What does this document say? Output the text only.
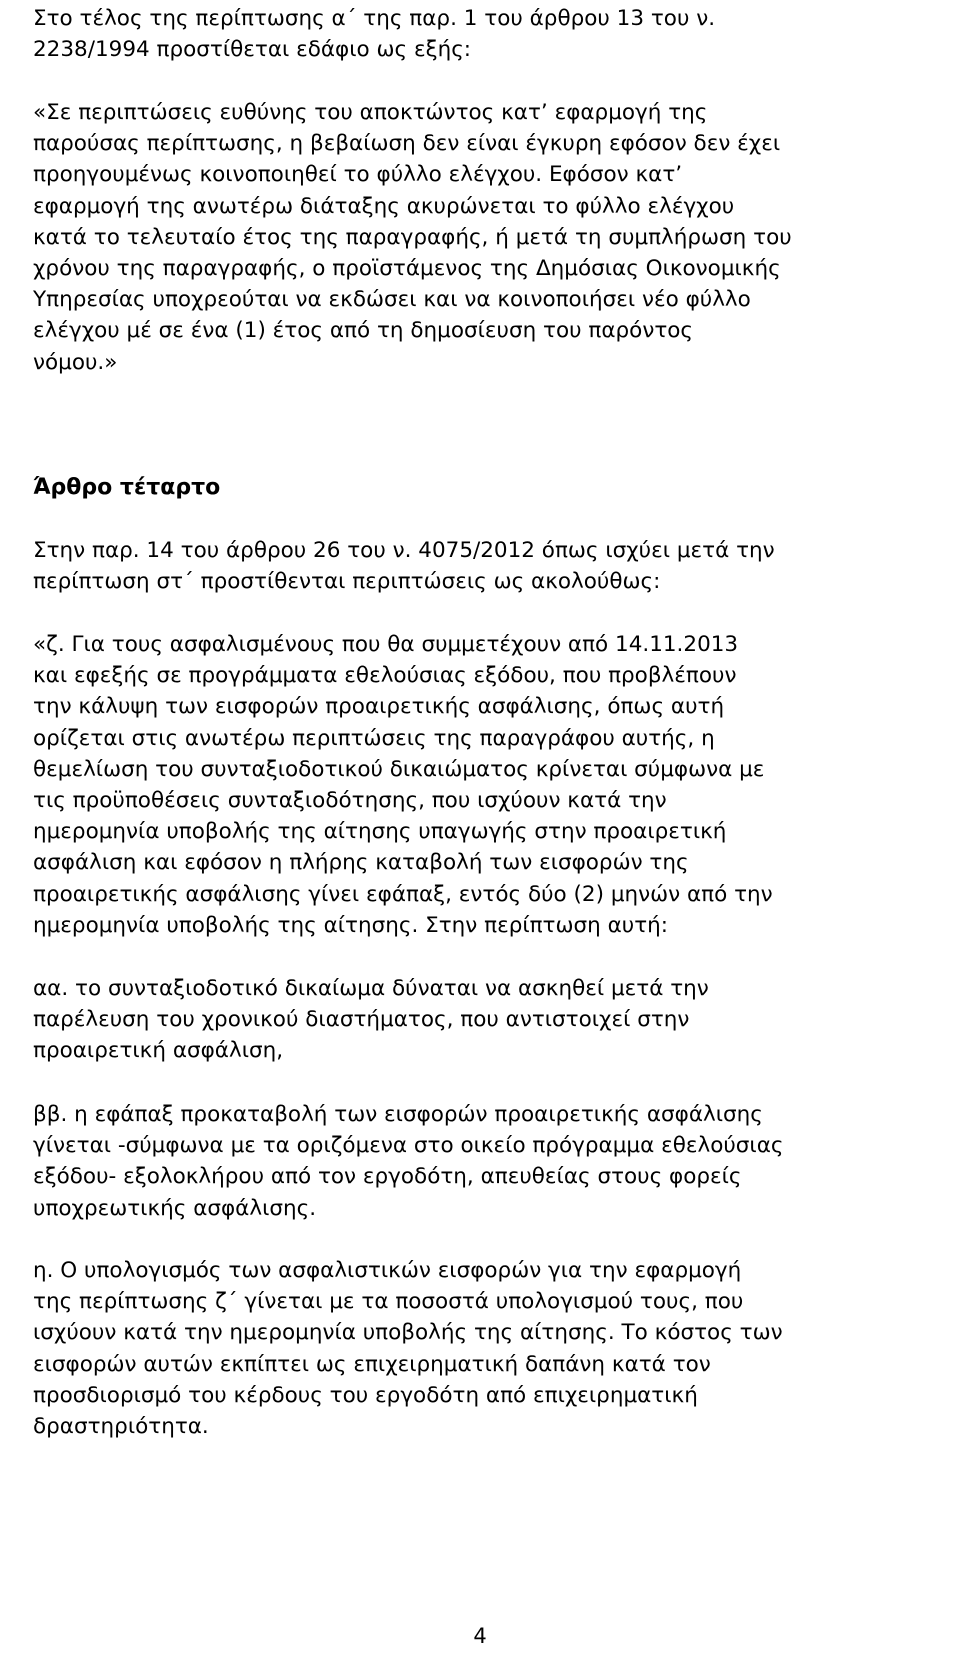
Στο τέλος της περίπτωσης α΄ της παρ. 1 του άρθρου 13 του ν.
2238/1994 προστίθεται εδάφιο ως εξής:

«Σε περιπτώσεις ευθύνης του αποκτώντος κατ’ εφαρμογή της
παρούσας περίπτωσης, η βεβαίωση δεν είναι έγκυρη εφόσον δεν έχει
προηγουμένως κοινοποιηθεί το φύλλο ελέγχου. Εφόσον κατ’
εφαρμογή της ανωτέρω διάταξης ακυρώνεται το φύλλο ελέγχου
κατά το τελευταίο έτος της παραγραφής, ή μετά τη συμπλήρωση του
χρόνου της παραγραφής, ο προϊστάμενος της Δημόσιας Οικονομικής
Υπηρεσίας υποχρεούται να εκδώσει και να κοινοποιήσει νέο φύλλο
ελέγχου μέ σε ένα (1) έτος από τη δημοσίευση του παρόντος
νόμου.»

Άρθρο τέταρτο

Στην παρ. 14 του άρθρου 26 του ν. 4075/2012 όπως ισχύει μετά την
περίπτωση στ΄ προστίθενται περιπτώσεις ως ακολούθως:

«ζ. Για τους ασφαλισμένους που θα συμμετέχουν από 14.11.2013
και εφεξής σε προγράμματα εθελούσιας εξόδου, που προβλέπουν
την κάλυψη των εισφορών προαιρετικής ασφάλισης, όπως αυτή
ορίζεται στις ανωτέρω περιπτώσεις της παραγράφου αυτής, η
θεμελίωση του συνταξιοδοτικού δικαιώματος κρίνεται σύμφωνα με
τις προϋποθέσεις συνταξιοδότησης, που ισχύουν κατά την
ημερομηνία υποβολής της αίτησης υπαγωγής στην προαιρετική
ασφάλιση και εφόσον η πλήρης καταβολή των εισφορών της
προαιρετικής ασφάλισης γίνει εφάπαξ, εντός δύο (2) μηνών από την
ημερομηνία υποβολής της αίτησης. Στην περίπτωση αυτή:

αα. το συνταξιοδοτικό δικαίωμα δύναται να ασκηθεί μετά την
παρέλευση του χρονικού διαστήματος, που αντιστοιχεί στην
προαιρετική ασφάλιση,

ββ. η εφάπαξ προκαταβολή των εισφορών προαιρετικής ασφάλισης
γίνεται -σύμφωνα με τα οριζόμενα στο οικείο πρόγραμμα εθελούσιας
εξόδου- εξολοκλήρου από τον εργοδότη, απευθείας στους φορείς
υποχρεωτικής ασφάλισης.

η. Ο υπολογισμός των ασφαλιστικών εισφορών για την εφαρμογή
της περίπτωσης ζ΄ γίνεται με τα ποσοστά υπολογισμού τους, που
ισχύουν κατά την ημερομηνία υποβολής της αίτησης. Το κόστος των
εισφορών αυτών εκπίπτει ως επιχειρηματική δαπάνη κατά τον
προσδιορισμό του κέρδους του εργοδότη από επιχειρηματική
δραστηριότητα.

4
